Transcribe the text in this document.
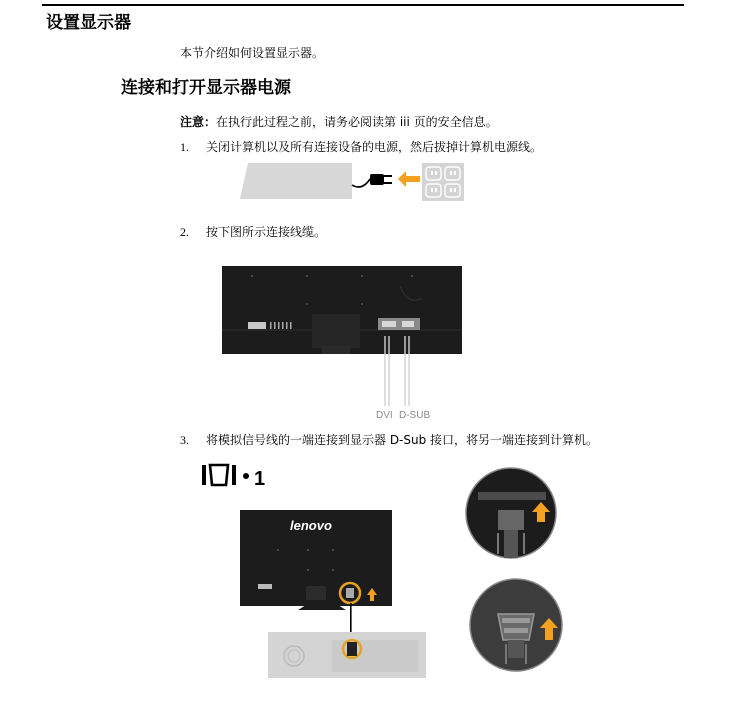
设置显示器
本节介绍如何设置显示器。
连接和打开显示器电源
注意：在执行此过程之前，请务必阅读第 iii 页的安全信息。
1. 关闭计算机以及所有连接设备的电源，然后拔掉计算机电源线。
2. 按下图所示连接线缆。
DVI D-SUB
3. 将模拟信号线的一端连接到显示器 D-Sub 接口，将另一端连接到计算机。
1
lenovo
